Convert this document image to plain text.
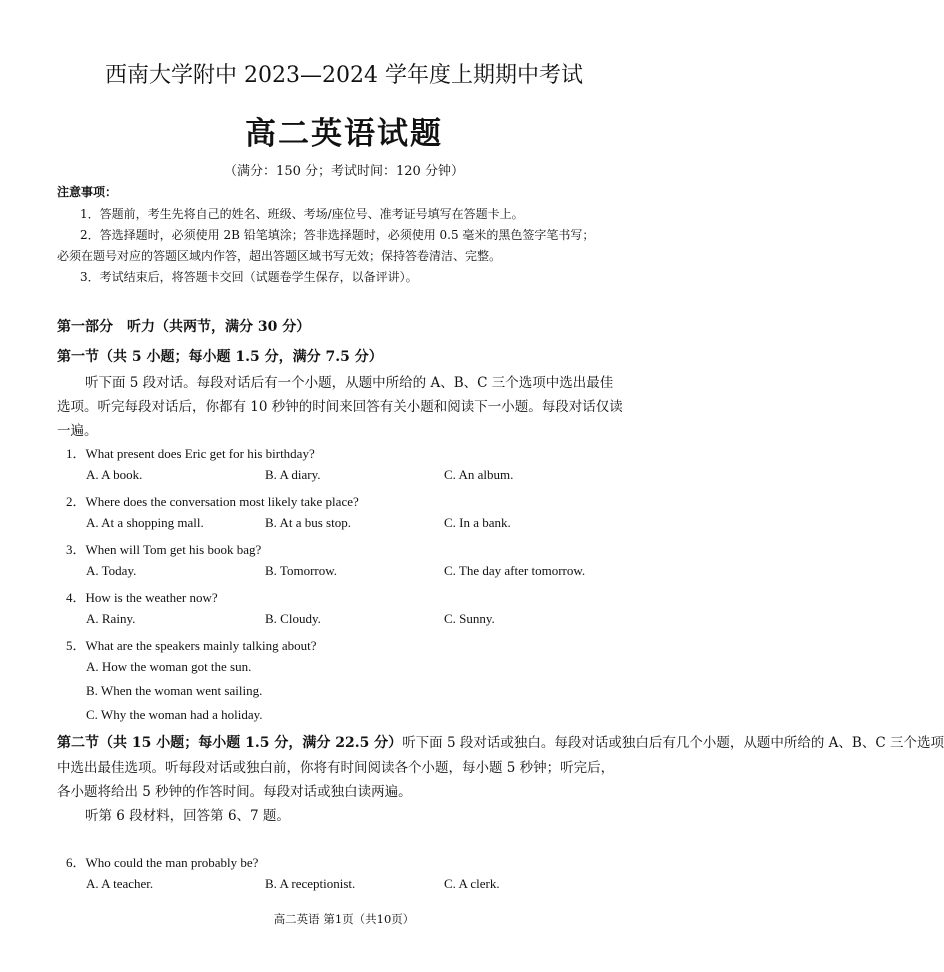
西南大学附中 2023—2024 学年度上期期中考试
高二英语试题
（满分：150 分；考试时间：120 分钟）
注意事项：
1．答题前，考生先将自己的姓名、班级、考场/座位号、准考证号填写在答题卡上。
2．答选择题时，必须使用 2B 铅笔填涂；答非选择题时，必须使用 0.5 毫米的黑色签字笔书写；
必须在题号对应的答题区域内作答，超出答题区域书写无效；保持答卷清洁、完整。
3．考试结束后，将答题卡交回（试题卷学生保存，以备评讲）。
第一部分　听力（共两节，满分 30 分）
第一节（共 5 小题；每小题 1.5 分，满分 7.5 分）
听下面 5 段对话。每段对话后有一个小题，从题中所给的 A、B、C 三个选项中选出最佳
选项。听完每段对话后，你都有 10 秒钟的时间来回答有关小题和阅读下一小题。每段对话仅读
一遍。
1．What present does Eric get for his birthday?
A. A book.	B. A diary.	C. An album.
2．Where does the conversation most likely take place?
A. At a shopping mall.	B. At a bus stop.	C. In a bank.
3．When will Tom get his book bag?
A. Today.	B. Tomorrow.	C. The day after tomorrow.
4．How is the weather now?
A. Rainy.	B. Cloudy.	C. Sunny.
5．What are the speakers mainly talking about?
A. How the woman got the sun.
B. When the woman went sailing.
C. Why the woman had a holiday.
第二节（共 15 小题；每小题 1.5 分，满分 22.5 分）听下面 5 段对话或独白。每段对话或独白后有几个小题，从题中所给的 A、B、C 三个选项
中选出最佳选项。听每段对话或独白前，你将有时间阅读各个小题，每小题 5 秒钟；听完后，
各小题将给出 5 秒钟的作答时间。每段对话或独白读两遍。
听第 6 段材料，回答第 6、7 题。
6．Who could the man probably be?
A. A teacher.	B. A receptionist.	C. A clerk.
高二英语 第1页（共10页）
